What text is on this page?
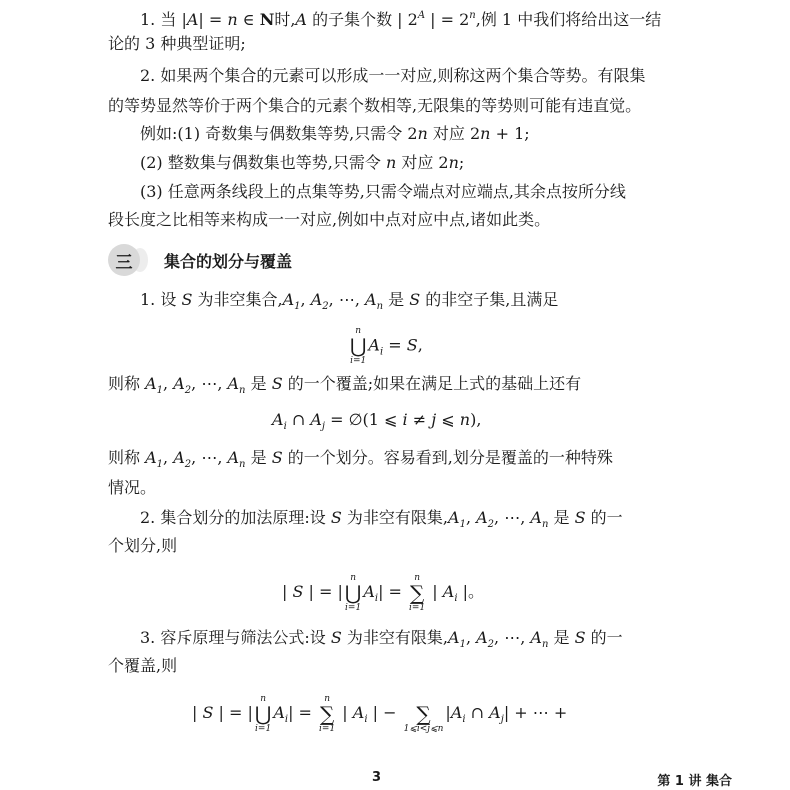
1. 当 |A| = n ∈ N时,A 的子集个数 | $2^A$ | = $2^n$,例 1 中我们将给出这一结
论的 3 种典型证明;
2. 如果两个集合的元素可以形成一一对应,则称这两个集合等势。有限集
的等势显然等价于两个集合的元素个数相等,无限集的等势则可能有违直觉。
例如:(1) 奇数集与偶数集等势,只需令 2n 对应 2n + 1;
(2) 整数集与偶数集也等势,只需令 n 对应 2n;
(3) 任意两条线段上的点集等势,只需令端点对应端点,其余点按所分线
段长度之比相等来构成一一对应,例如中点对应中点,诸如此类。
三	集合的划分与覆盖
1. 设 S 为非空集合$,A_1$, $A_2$, ⋯, $A_n$ 是 S 的非空子集,且满足
n
⋃
i=1
$A_i = S$,
则称 $A_1$, $A_2$, ⋯, $A_n$ 是 S 的一个覆盖;如果在满足上式的基础上还有
$A_i$ ∩ $A_j$ = ∅(1 ⩽ i ≠ j ⩽ n),
则称 $A_1$, $A_2$, ⋯, $A_n$ 是 S 的一个划分。容易看到,划分是覆盖的一种特殊
情况。
2. 集合划分的加法原理:设 S 为非空有限集$,A_1$, $A_2$, ⋯, $A_n$ 是 S 的一
个划分,则
| S | = |
n
⋃
i=1
$A_i|$ =
n
∑
i=1
| $A_i$ |。
3. 容斥原理与筛法公式:设 S 为非空有限集$,A_1$, $A_2$, ⋯, $A_n$ 是 S 的一
个覆盖,则
| S | = |
n
⋃
i=1
$A_i|$ =
n
∑
i=1
| $A_i$ | − ∑
1⩽i<j⩽n
$|A_i$ ∩ $A_j|$ + ⋯ +
3	第 1 讲 集合
